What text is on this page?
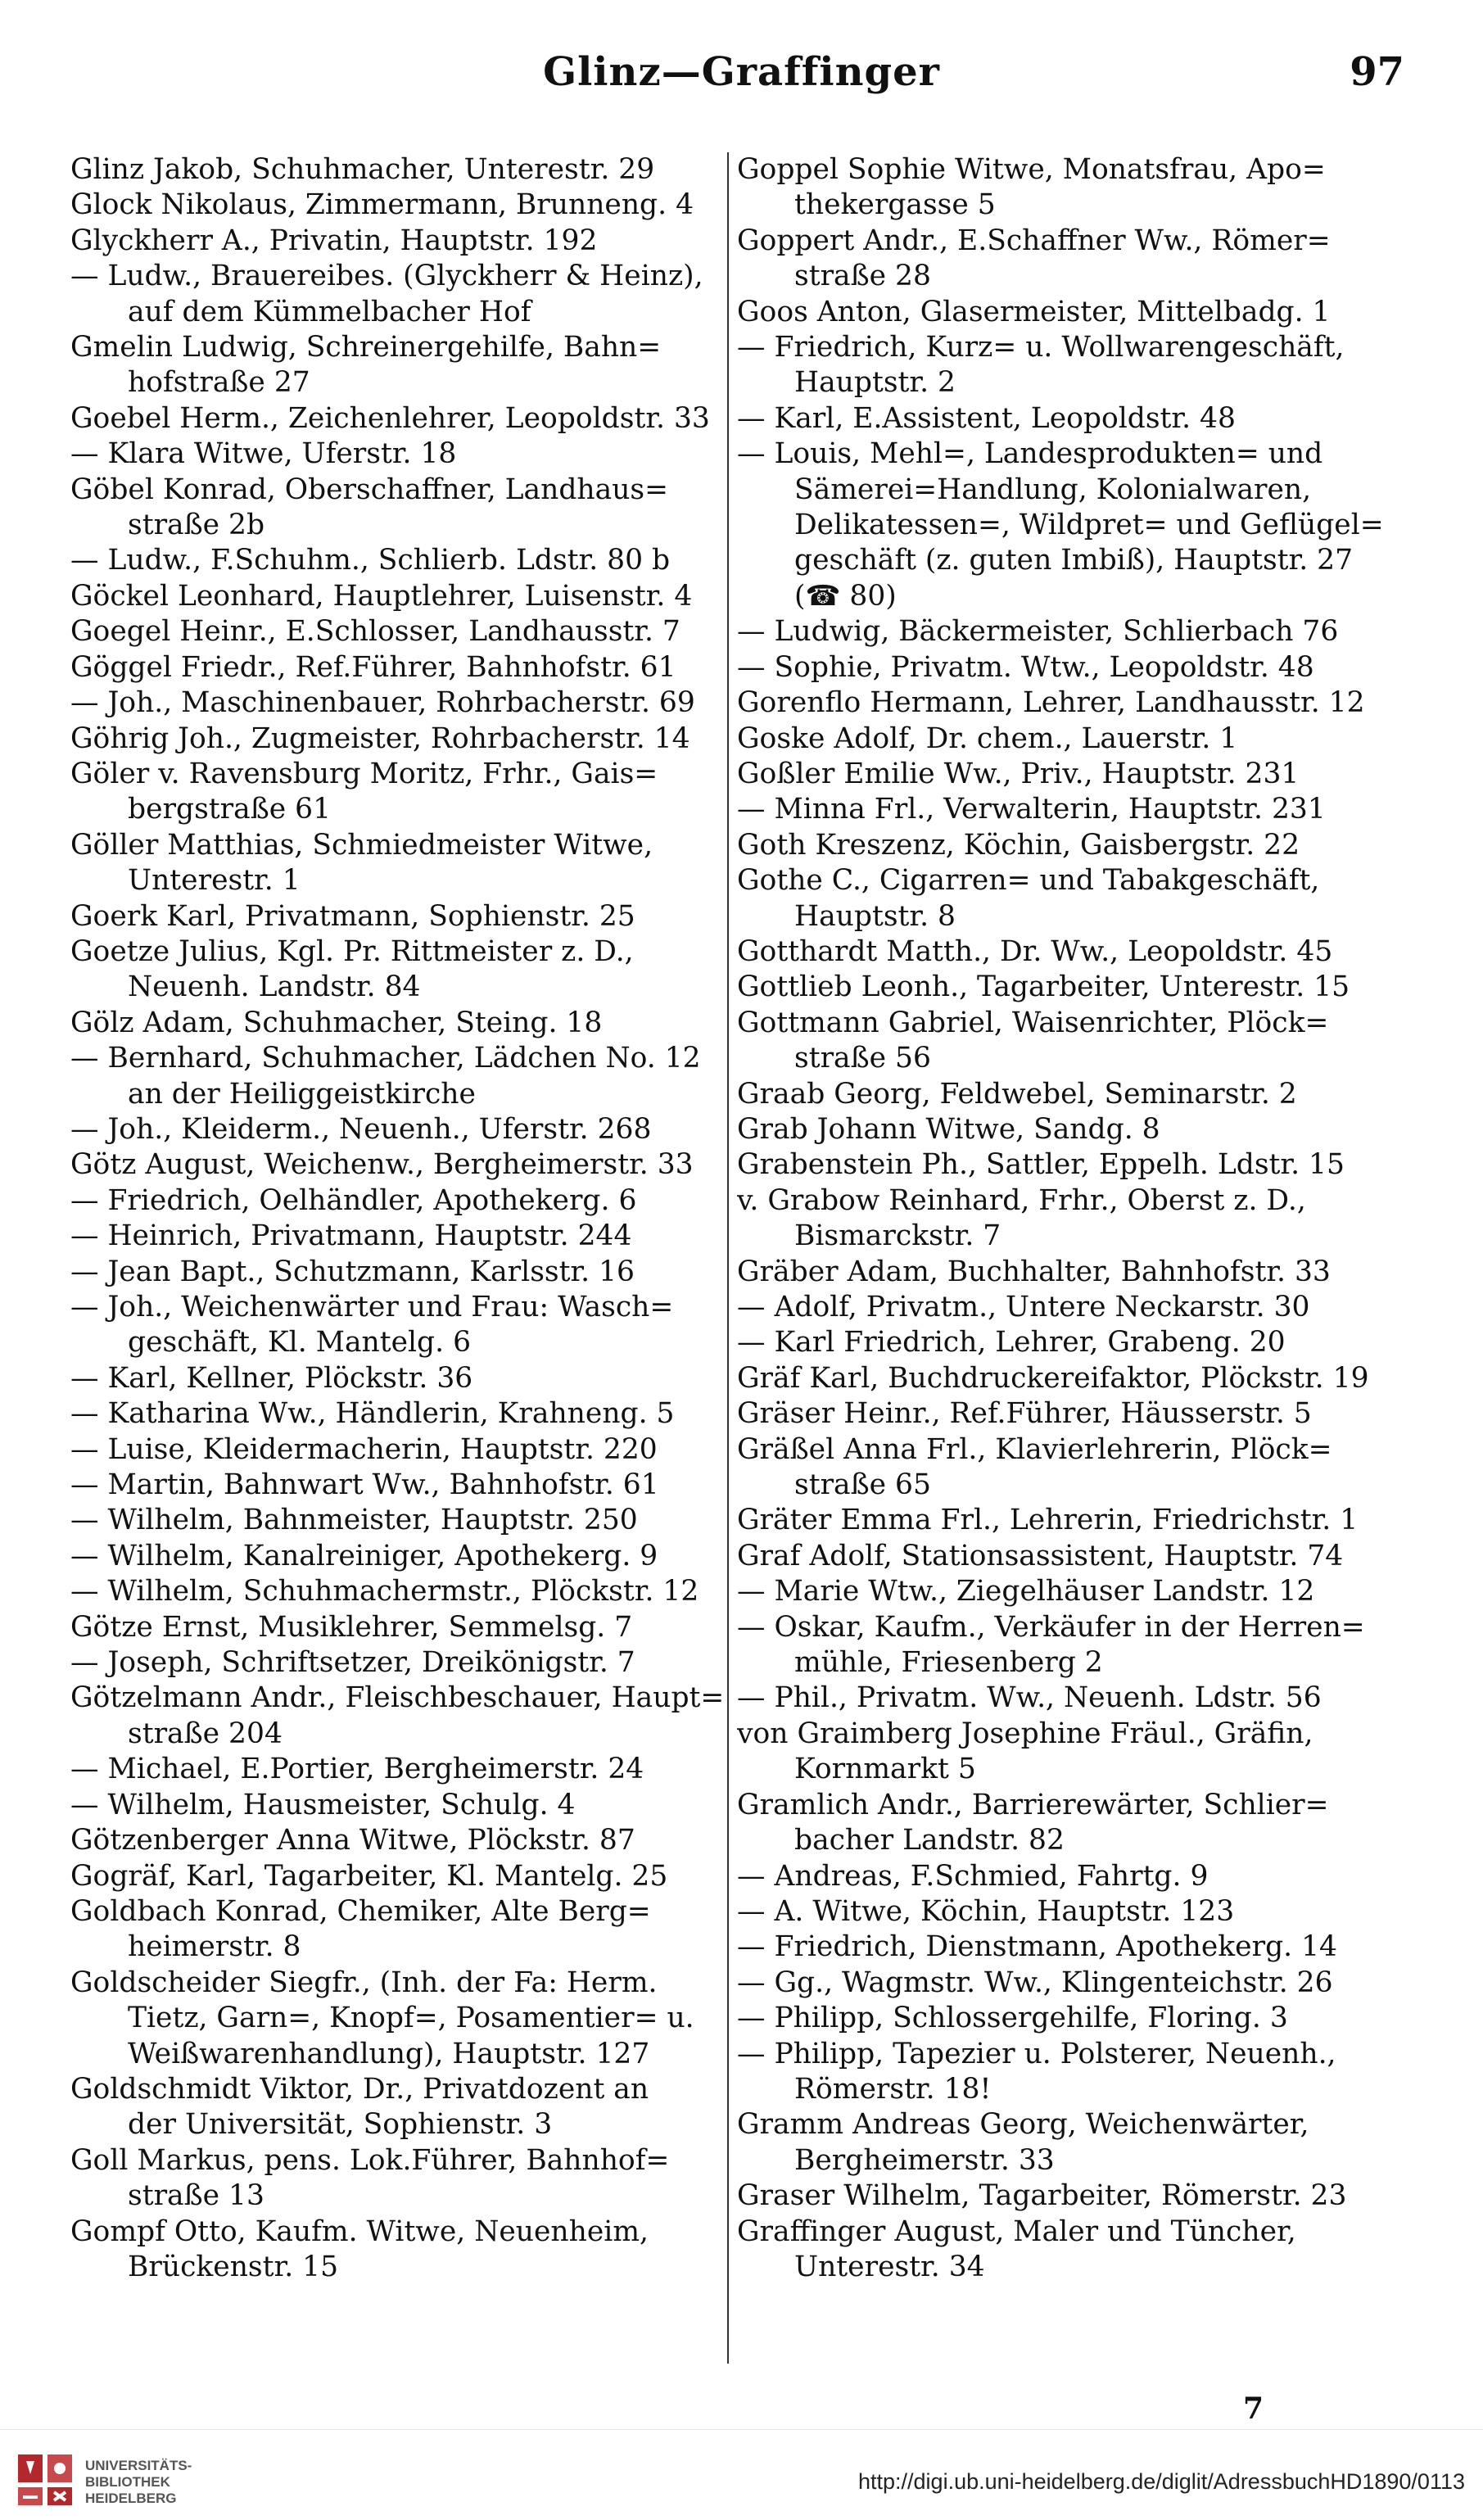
Glinz—Graffinger	97
Glinz Jakob, Schuhmacher, Unterestr. 29
Glock Nikolaus, Zimmermann, Brunneng. 4
Glyckherr A., Privatin, Hauptstr. 192
— Ludw., Brauereibes. (Glyckherr & Heinz),
auf dem Kümmelbacher Hof
Gmelin Ludwig, Schreinergehilfe, Bahn=
hofstraße 27
Goebel Herm., Zeichenlehrer, Leopoldstr. 33
— Klara Witwe, Uferstr. 18
Göbel Konrad, Oberschaffner, Landhaus=
straße 2b
— Ludw., F.Schuhm., Schlierb. Ldstr. 80 b
Göckel Leonhard, Hauptlehrer, Luisenstr. 4
Goegel Heinr., E.Schlosser, Landhausstr. 7
Göggel Friedr., Ref.Führer, Bahnhofstr. 61
— Joh., Maschinenbauer, Rohrbacherstr. 69
Göhrig Joh., Zugmeister, Rohrbacherstr. 14
Göler v. Ravensburg Moritz, Frhr., Gais=
bergstraße 61
Göller Matthias, Schmiedmeister Witwe,
Unterestr. 1
Goerk Karl, Privatmann, Sophienstr. 25
Goetze Julius, Kgl. Pr. Rittmeister z. D.,
Neuenh. Landstr. 84
Gölz Adam, Schuhmacher, Steing. 18
— Bernhard, Schuhmacher, Lädchen No. 12
an der Heiliggeistkirche
— Joh., Kleiderm., Neuenh., Uferstr. 268
Götz August, Weichenw., Bergheimerstr. 33
— Friedrich, Oelhändler, Apothekerg. 6
— Heinrich, Privatmann, Hauptstr. 244
— Jean Bapt., Schutzmann, Karlsstr. 16
— Joh., Weichenwärter und Frau: Wasch=
geschäft, Kl. Mantelg. 6
— Karl, Kellner, Plöckstr. 36
— Katharina Ww., Händlerin, Krahneng. 5
— Luise, Kleidermacherin, Hauptstr. 220
— Martin, Bahnwart Ww., Bahnhofstr. 61
— Wilhelm, Bahnmeister, Hauptstr. 250
— Wilhelm, Kanalreiniger, Apothekerg. 9
— Wilhelm, Schuhmachermstr., Plöckstr. 12
Götze Ernst, Musiklehrer, Semmelsg. 7
— Joseph, Schriftsetzer, Dreikönigstr. 7
Götzelmann Andr., Fleischbeschauer, Haupt=
straße 204
— Michael, E.Portier, Bergheimerstr. 24
— Wilhelm, Hausmeister, Schulg. 4
Götzenberger Anna Witwe, Plöckstr. 87
Gogräf, Karl, Tagarbeiter, Kl. Mantelg. 25
Goldbach Konrad, Chemiker, Alte Berg=
heimerstr. 8
Goldscheider Siegfr., (Inh. der Fa: Herm.
Tietz, Garn=, Knopf=, Posamentier= u.
Weißwarenhandlung), Hauptstr. 127
Goldschmidt Viktor, Dr., Privatdozent an
der Universität, Sophienstr. 3
Goll Markus, pens. Lok.Führer, Bahnhof=
straße 13
Gompf Otto, Kaufm. Witwe, Neuenheim,
Brückenstr. 15
Goppel Sophie Witwe, Monatsfrau, Apo=
thekergasse 5
Goppert Andr., E.Schaffner Ww., Römer=
straße 28
Goos Anton, Glasermeister, Mittelbadg. 1
— Friedrich, Kurz= u. Wollwarengeschäft,
Hauptstr. 2
— Karl, E.Assistent, Leopoldstr. 48
— Louis, Mehl=, Landesprodukten= und
Sämerei=Handlung, Kolonialwaren,
Delikatessen=, Wildpret= und Geflügel=
geschäft (z. guten Imbiß), Hauptstr. 27
(☎ 80)
— Ludwig, Bäckermeister, Schlierbach 76
— Sophie, Privatm. Wtw., Leopoldstr. 48
Gorenflo Hermann, Lehrer, Landhausstr. 12
Goske Adolf, Dr. chem., Lauerstr. 1
Goßler Emilie Ww., Priv., Hauptstr. 231
— Minna Frl., Verwalterin, Hauptstr. 231
Goth Kreszenz, Köchin, Gaisbergstr. 22
Gothe C., Cigarren= und Tabakgeschäft,
Hauptstr. 8
Gotthardt Matth., Dr. Ww., Leopoldstr. 45
Gottlieb Leonh., Tagarbeiter, Unterestr. 15
Gottmann Gabriel, Waisenrichter, Plöck=
straße 56
Graab Georg, Feldwebel, Seminarstr. 2
Grab Johann Witwe, Sandg. 8
Grabenstein Ph., Sattler, Eppelh. Ldstr. 15
v. Grabow Reinhard, Frhr., Oberst z. D.,
Bismarckstr. 7
Gräber Adam, Buchhalter, Bahnhofstr. 33
— Adolf, Privatm., Untere Neckarstr. 30
— Karl Friedrich, Lehrer, Grabeng. 20
Gräf Karl, Buchdruckereifaktor, Plöckstr. 19
Gräser Heinr., Ref.Führer, Häusserstr. 5
Gräßel Anna Frl., Klavierlehrerin, Plöck=
straße 65
Gräter Emma Frl., Lehrerin, Friedrichstr. 1
Graf Adolf, Stationsassistent, Hauptstr. 74
— Marie Wtw., Ziegelhäuser Landstr. 12
— Oskar, Kaufm., Verkäufer in der Herren=
mühle, Friesenberg 2
— Phil., Privatm. Ww., Neuenh. Ldstr. 56
von Graimberg Josephine Fräul., Gräfin,
Kornmarkt 5
Gramlich Andr., Barrierewärter, Schlier=
bacher Landstr. 82
— Andreas, F.Schmied, Fahrtg. 9
— A. Witwe, Köchin, Hauptstr. 123
— Friedrich, Dienstmann, Apothekerg. 14
— Gg., Wagmstr. Ww., Klingenteichstr. 26
— Philipp, Schlossergehilfe, Floring. 3
— Philipp, Tapezier u. Polsterer, Neuenh.,
Römerstr. 18!
Gramm Andreas Georg, Weichenwärter,
Bergheimerstr. 33
Graser Wilhelm, Tagarbeiter, Römerstr. 23
Graffinger August, Maler und Tüncher,
Unterestr. 34
7
UNIVERSITÄTS-
BIBLIOTHEK
HEIDELBERG
http://digi.ub.uni-heidelberg.de/diglit/AdressbuchHD1890/0113
